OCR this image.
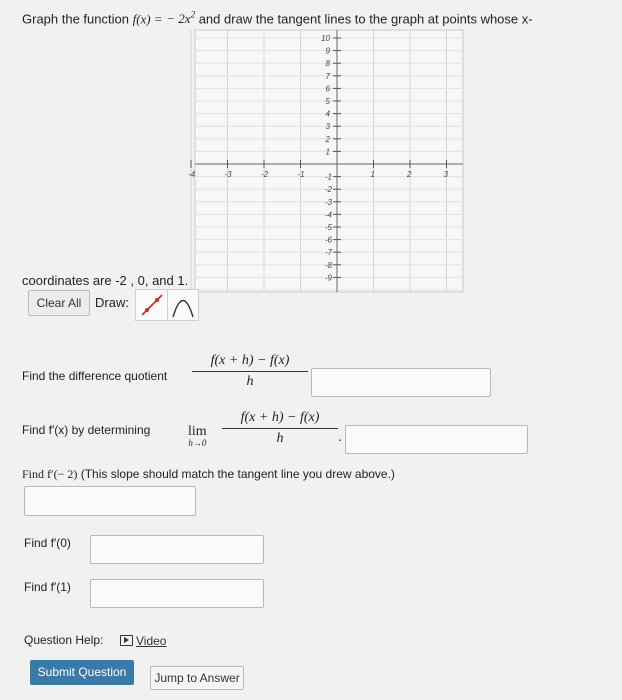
Graph the function f(x) = − $2x^2$ and draw the tangent lines to the graph at points whose x-
-4	-3	-2	-1	1	2	3
10
9
8
7
6
5
4
3
2
1
-1
-2
-3
-4
-5
-6
-7
-8
-9
coordinates are -2 , 0, and 1.
Clear All	Draw:
Find the difference quotient
f(x + h) − f(x)
h
Find f′(x) by determining	lim
h→0
f(x + h) − f(x)
h	.
Find f′(− 2) (This slope should match the tangent line you drew above.)
Find f′(0)
Find f′(1)
Question Help:	Video
Submit Question	Jump to Answer
